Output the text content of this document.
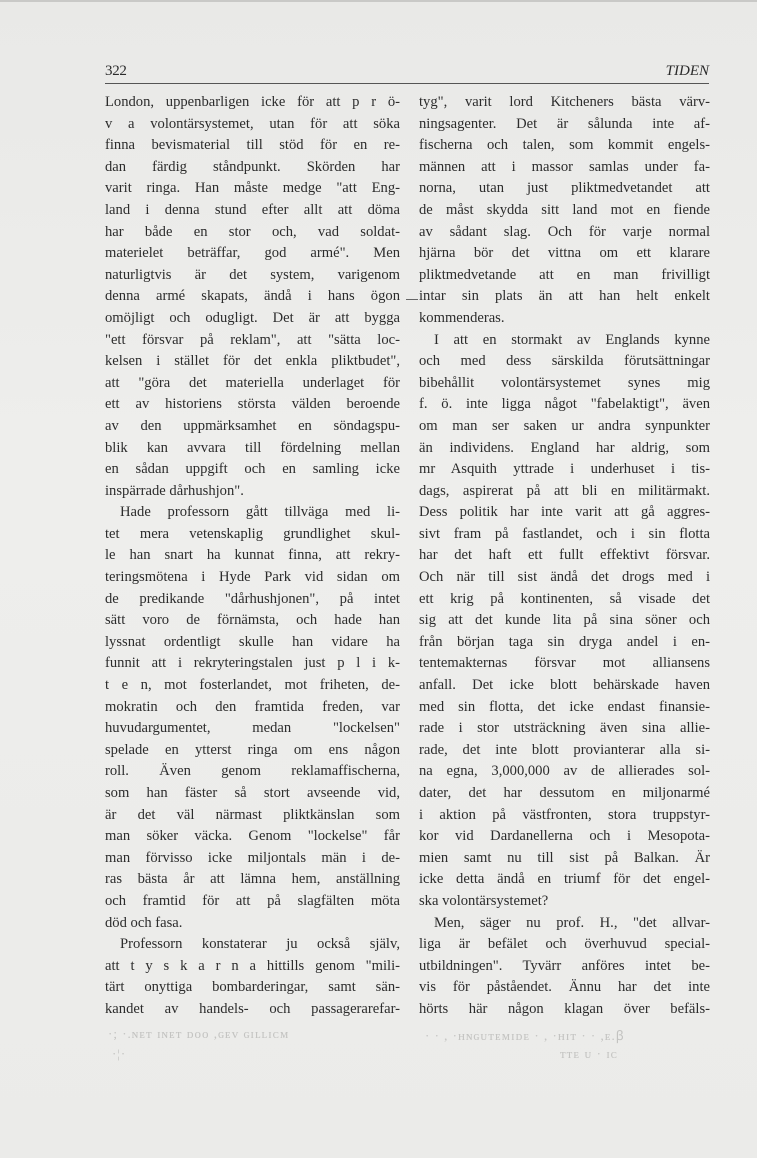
322	TIDEN
London, uppenbarligen icke för att p r ö-
v a volontärsystemet, utan för att söka
finna bevismaterial till stöd för en re-
dan färdig ståndpunkt. Skörden har
varit ringa. Han måste medge "att Eng-
land i denna stund efter allt att döma
har både en stor och, vad soldat-
materielet beträffar, god armé". Men
naturligtvis är det system, varigenom
denna armé skapats, ändå i hans ögon
omöjligt och odugligt. Det är att bygga
"ett försvar på reklam", att "sätta loc-
kelsen i stället för det enkla pliktbudet",
att "göra det materiella underlaget för
ett av historiens största välden beroende
av den uppmärksamhet en söndagspu-
blik kan avvara till fördelning mellan
en sådan uppgift och en samling icke
inspärrade dårhushjon".
Hade professorn gått tillväga med li-
tet mera vetenskaplig grundlighet skul-
le han snart ha kunnat finna, att rekry-
teringsmötena i Hyde Park vid sidan om
de predikande "dårhushjonen", på intet
sätt voro de förnämsta, och hade han
lyssnat ordentligt skulle han vidare ha
funnit att i rekryteringstalen just p l i k-
t e n, mot fosterlandet, mot friheten, de-
mokratin och den framtida freden, var
huvudargumentet, medan "lockelsen"
spelade en ytterst ringa om ens någon
roll. Även genom reklamaffischerna,
som han fäster så stort avseende vid,
är det väl närmast pliktkänslan som
man söker väcka. Genom "lockelse" får
man förvisso icke miljontals män i de-
ras bästa år att lämna hem, anställning
och framtid för att på slagfälten möta
död och fasa.
Professorn konstaterar ju också själv,
att t y s k a r n a hittills genom "mili-
tärt onyttiga bombarderingar, samt sän-
kandet av handels- och passagerarefar-
tyg", varit lord Kitcheners bästa värv-
ningsagenter. Det är sålunda inte af-
fischerna och talen, som kommit engels-
männen att i massor samlas under fa-
norna, utan just pliktmedvetandet att
de måst skydda sitt land mot en fiende
av sådant slag. Och för varje normal
hjärna bör det vittna om ett klarare
pliktmedvetande att en man frivilligt
intar sin plats än att han helt enkelt
kommenderas.
I att en stormakt av Englands kynne
och med dess särskilda förutsättningar
bibehållit volontärsystemet synes mig
f. ö. inte ligga något "fabelaktigt", även
om man ser saken ur andra synpunkter
än individens. England har aldrig, som
mr Asquith yttrade i underhuset i tis-
dags, aspirerat på att bli en militärmakt.
Dess politik har inte varit att gå aggres-
sivt fram på fastlandet, och i sin flotta
har det haft ett fullt effektivt försvar.
Och när till sist ändå det drogs med i
ett krig på kontinenten, så visade det
sig att det kunde lita på sina söner och
från början taga sin dryga andel i en-
tentemakternas försvar mot alliansens
anfall. Det icke blott behärskade haven
med sin flotta, det icke endast finansie-
rade i stor utsträckning även sina allie-
rade, det inte blott provianterar alla si-
na egna, 3,000,000 av de allierades sol-
dater, det har dessutom en miljonarmé
i aktion på västfronten, stora truppstyr-
kor vid Dardanellerna och i Mesopota-
mien samt nu till sist på Balkan. Är
icke detta ändå en triumf för det engel-
ska volontärsystemet?
Men, säger nu prof. H., "det allvar-
liga är befälet och överhuvud special-
utbildningen". Tyvärr anföres intet be-
vis för påståendet. Ännu har det inte
hörts här någon klagan över befäls-
·; ·.ɴᴇᴛ ɪɴᴇᴛ ᴅᴏᴏ ,ɢᴇᴠ ɢɪʟʟɪᴄᴍ
·¦·
· · , ·ʜɴɢᴜᴛᴇᴍɪᴅᴇ · , ·ʜɪᴛ · · ,ᴇ.ꞵ
ᴛᴛᴇ ᴜ · ɪᴄ
